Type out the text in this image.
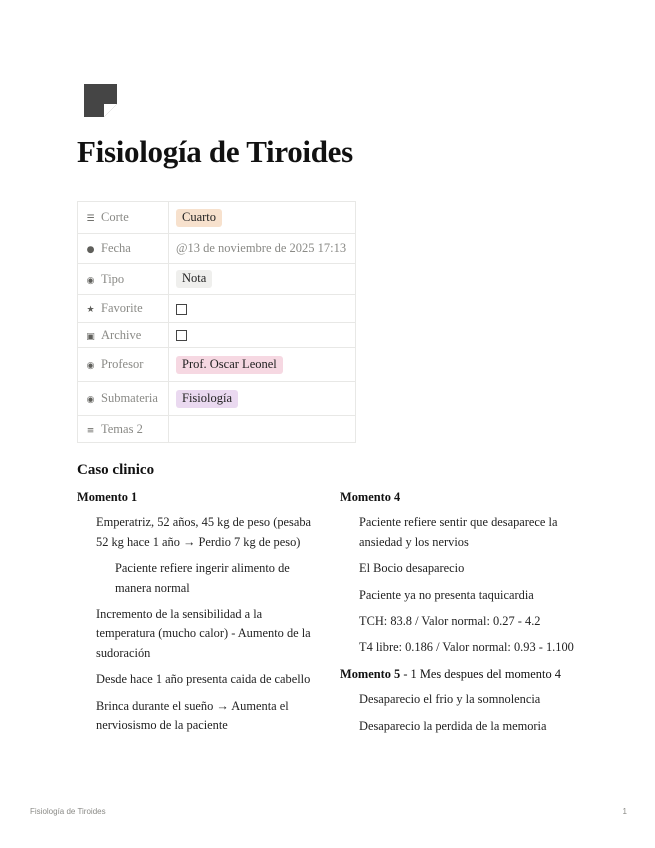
Fisiología de Tiroides
☰ Corte	Cuarto
● Fecha	@13 de noviembre de 2025 17:13
◉ Tipo	Nota
★ Favorite	
▣ Archive	
◉ Profesor	Prof. Oscar Leonel
◉ Submateria	Fisiología
≡ Temas 2	
Caso clinico
Momento 1
Emperatriz, 52 años, 45 kg de peso (pesaba 52 kg hace 1 año → Perdio 7 kg de peso)
Paciente refiere ingerir alimento de manera normal
Incremento de la sensibilidad a la temperatura (mucho calor) - Aumento de la sudoración
Desde hace 1 año presenta caida de cabello
Brinca durante el sueño → Aumenta el nerviosismo de la paciente
Momento 4
Paciente refiere sentir que desaparece la ansiedad y los nervios
El Bocio desaparecio
Paciente ya no presenta taquicardia
TCH: 83.8 / Valor normal: 0.27 - 4.2
T4 libre: 0.186 / Valor normal: 0.93 - 1.100
Momento 5 - 1 Mes despues del momento 4
Desaparecio el frio y la somnolencia
Desaparecio la perdida de la memoria
Fisiología de Tiroides	1
